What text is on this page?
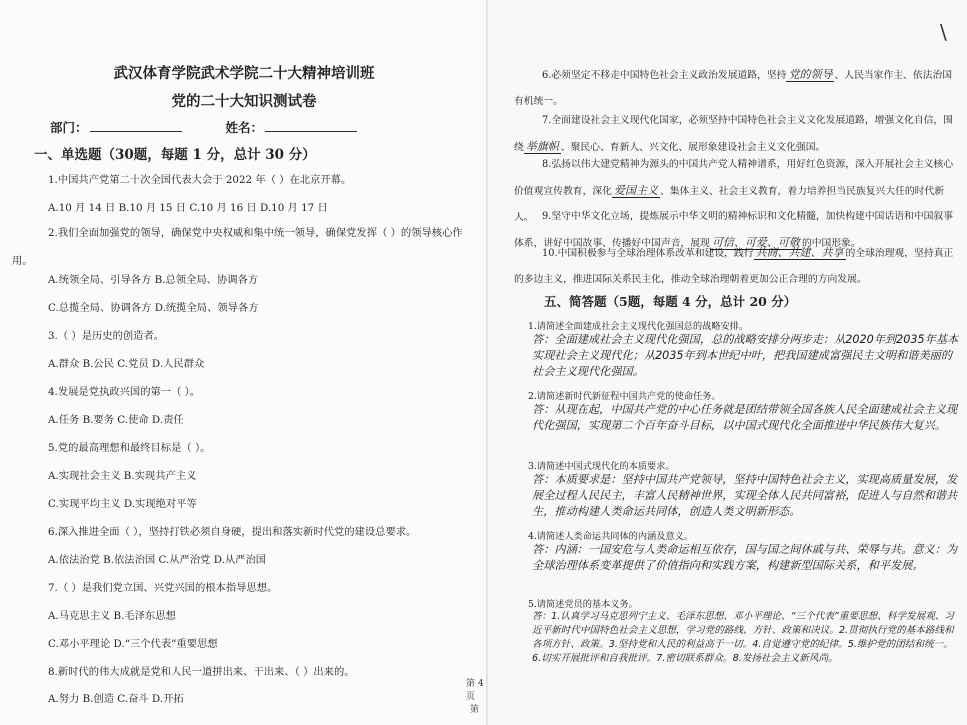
武汉体育学院武术学院二十大精神培训班
党的二十大知识测试卷
部门：	姓名：
一、单选题（30题，每题 1 分，总计 30 分）
1.中国共产党第二十次全国代表大会于 2022 年（ ）在北京开幕。
A.10 月 14 日 B.10 月 15 日 C.10 月 16 日 D.10 月 17 日
2.我们全面加强党的领导，确保党中央权威和集中统一领导，确保党发挥（ ）的领导核心作用。
A.统领全局、引导各方 B.总领全局、协调各方
C.总揽全局、协调各方 D.统揽全局、领导各方
3.（ ）是历史的创造者。
A.群众 B.公民 C.党员 D.人民群众
4.发展是党执政兴国的第一（ ）。
A.任务 B.要务 C.使命 D.责任
5.党的最高理想和最终目标是（ ）。
A.实现社会主义 B.实现共产主义
C.实现平均主义 D.实现绝对平等
6.深入推进全面（ ），坚持打铁必须自身硬，提出和落实新时代党的建设总要求。
A.依法治党 B.依法治国 C.从严治党 D.从严治国
7.（ ）是我们党立国、兴党兴国的根本指导思想。
A.马克思主义 B.毛泽东思想
C.邓小平理论 D.“三个代表”重要思想
8.新时代的伟大成就是党和人民一道拼出来、干出来、（ ）出来的。
A.努力 B.创造 C.奋斗 D.开拓
第 4 页
第
\
6.必须坚定不移走中国特色社会主义政治发展道路，坚持 党的领导 、人民当家作主、依法治国有机统一。
7.全面建设社会主义现代化国家，必须坚持中国特色社会主义文化发展道路，增强文化自信，围绕 举旗帜 、聚民心、育新人、兴文化、展形象建设社会主义文化强国。
8.弘扬以伟大建党精神为源头的中国共产党人精神谱系，用好红色资源，深入开展社会主义核心价值观宣传教育，深化 爱国主义 、集体主义、社会主义教育，着力培养担当民族复兴大任的时代新人。 9.坚守中华文化立场，提炼展示中华文明的精神标识和文化精髓，加快构建中国话语和中国叙事体系，讲好中国故事、传播好中国声音，展现 可信、可爱、可敬 的中国形象。
10.中国积极参与全球治理体系改革和建设，践行 共商、共建、共享 的全球治理观，坚持真正的多边主义，推进国际关系民主化，推动全球治理朝着更加公正合理的方向发展。
五、简答题（5题，每题 4 分，总计 20 分）
1.请简述全面建成社会主义现代化强国总的战略安排。
答：全面建成社会主义现代化强国，总的战略安排分两步走：从2020年到2035年基本实现社会主义现代化；从2035年到本世纪中叶，把我国建成富强民主文明和谐美丽的社会主义现代化强国。
2.请简述新时代新征程中国共产党的使命任务。
答：从现在起，中国共产党的中心任务就是团结带领全国各族人民全面建成社会主义现代化强国，实现第二个百年奋斗目标，以中国式现代化全面推进中华民族伟大复兴。
3.请简述中国式现代化的本质要求。
答：本质要求是：坚持中国共产党领导，坚持中国特色社会主义，实现高质量发展，发展全过程人民民主，丰富人民精神世界，实现全体人民共同富裕，促进人与自然和谐共生，推动构建人类命运共同体，创造人类文明新形态。
4.请简述人类命运共同体的内涵及意义。
答：内涵：一国安危与人类命运相互依存，国与国之间休戚与共、荣辱与共。意义：为全球治理体系变革提供了价值指向和实践方案，构建新型国际关系，和平发展。
5.请简述党员的基本义务。
答：1.认真学习马克思列宁主义、毛泽东思想、邓小平理论、“三个代表”重要思想、科学发展观、习近平新时代中国特色社会主义思想，学习党的路线、方针、政策和决议。2.贯彻执行党的基本路线和各项方针、政策。3.坚持党和人民的利益高于一切。4.自觉遵守党的纪律。5.维护党的团结和统一。6.切实开展批评和自我批评。7.密切联系群众。8.发扬社会主义新风尚。
